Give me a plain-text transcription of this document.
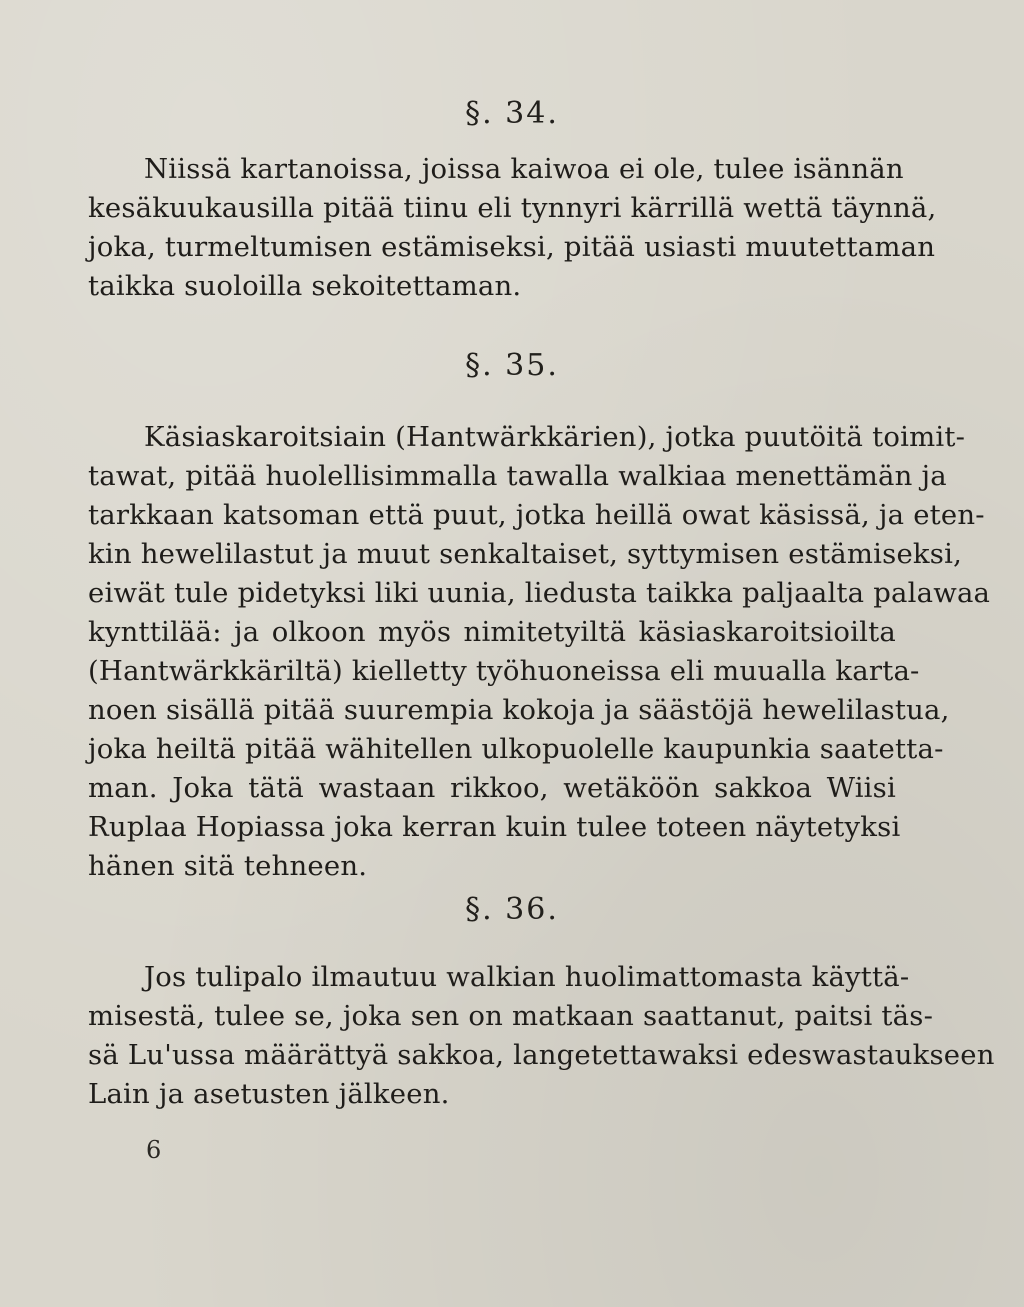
§. 34.
Niissä kartanoissa, joissa kaiwoa ei ole, tulee isännän
kesäkuukausilla pitää tiinu eli tynnyri kärrillä wettä täynnä,
joka, turmeltumisen estämiseksi, pitää usiasti muutettaman
taikka suoloilla sekoitettaman.
§. 35.
Käsiaskaroitsiain (Hantwärkkärien), jotka puutöitä toimit-
tawat, pitää huolellisimmalla tawalla walkiaa menettämän ja
tarkkaan katsoman että puut, jotka heillä owat käsissä, ja eten-
kin hewelilastut ja muut senkaltaiset, syttymisen estämiseksi,
eiwät tule pidetyksi liki uunia, liedusta taikka paljaalta palawaa
kynttilää: ja olkoon myös nimitetyiltä käsiaskaroitsioilta
(Hantwärkkäriltä) kielletty työhuoneissa eli muualla karta-
noen sisällä pitää suurempia kokoja ja säästöjä hewelilastua,
joka heiltä pitää wähitellen ulkopuolelle kaupunkia saatetta-
man. Joka tätä wastaan rikkoo, wetäköön sakkoa Wiisi
Ruplaa Hopiassa joka kerran kuin tulee toteen näytetyksi
hänen sitä tehneen.
§. 36.
Jos tulipalo ilmautuu walkian huolimattomasta käyttä-
misestä, tulee se, joka sen on matkaan saattanut, paitsi täs-
sä Lu'ussa määrättyä sakkoa, langetettawaksi edeswastaukseen
Lain ja asetusten jälkeen.
6
